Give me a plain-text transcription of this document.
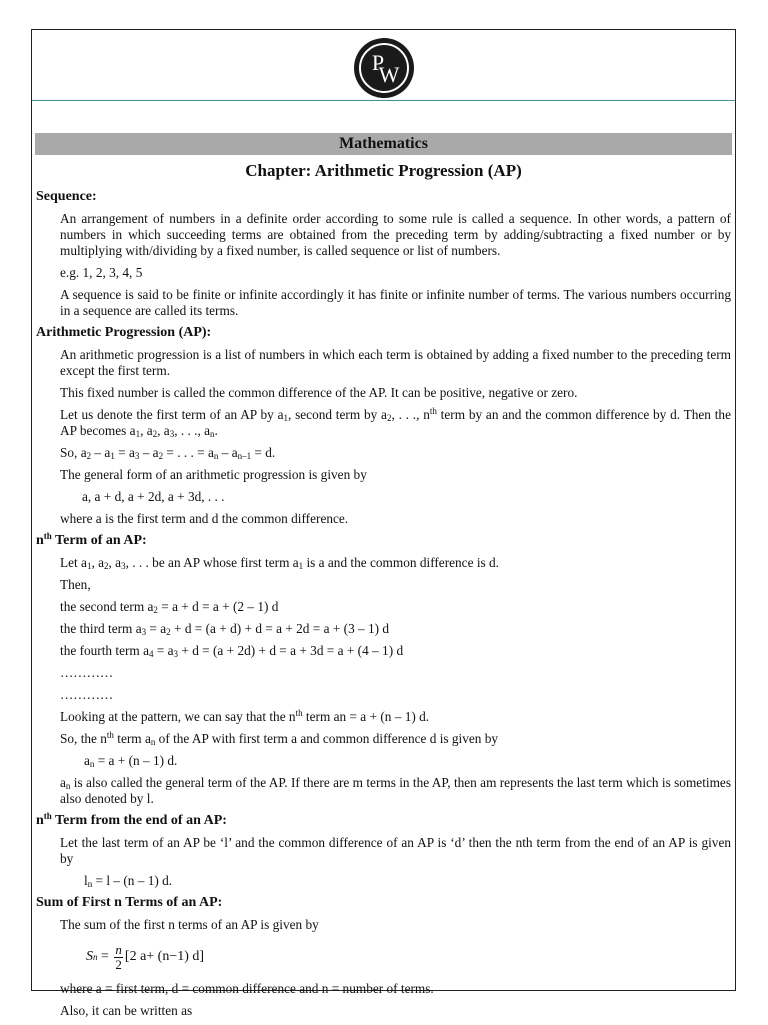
P
W
Mathematics
Chapter: Arithmetic Progression (AP)
Sequence:
An arrangement of numbers in a definite order according to some rule is called a sequence. In other words, a pattern of numbers in which succeeding terms are obtained from the preceding term by adding/subtracting a fixed number or by multiplying with/dividing by a fixed number, is called sequence or list of numbers.
e.g. 1, 2, 3, 4, 5
A sequence is said to be finite or infinite accordingly it has finite or infinite number of terms. The various numbers occurring in a sequence are called its terms.
Arithmetic Progression (AP):
An arithmetic progression is a list of numbers in which each term is obtained by adding a fixed number to the preceding term except the first term.
This fixed number is called the common difference of the AP. It can be positive, negative or zero.
Let us denote the first term of an AP by $a_1$, second term by $a_2$, . . ., $n^{th}$ term by an and the common difference by d. Then the AP becomes $a_1$, $a_2$, $a_3$, . . ., $a_n$.
So, $a_2 - a_1 = a_3 - a_2$ = . . . = $a_n - a_{n-1} = d$.
The general form of an arithmetic progression is given by
a, a + d, a + 2d, a + 3d, . . .
where a is the first term and d the common difference.
$n^{th}$ Term of an AP:
Let $a_1$, $a_2$, $a_3$, . . . be an AP whose first term $a_1$ is a and the common difference is d.
Then,
the second term $a_2 = a + d = a + (2 - 1)$ d
the third term $a_3 = a_2 + d = (a + d) + d = a + 2d = a + (3 - 1)$ d
the fourth term $a_4 = a_3 + d = (a + 2d) + d = a + 3d = a + (4 - 1)$ d
…………
…………
Looking at the pattern, we can say that the $n^{th}$ term an = a + (n – 1) d.
So, the $n^{th}$ term $a_n$ of the AP with first term a and common difference d is given by
$a_n = a + (n - 1)$ d.
$a_n$ is also called the general term of the AP. If there are m terms in the AP, then am represents the last term which is sometimes also denoted by l.
$n^{th}$ Term from the end of an AP:
Let the last term of an AP be ‘l’ and the common difference of an AP is ‘d’ then the nth term from the end of an AP is given by
$l_n = l - (n - 1)$ d.
Sum of First n Terms of an AP:
The sum of the first n terms of an AP is given by
S $n = \frac{n}{2} [2$ a+ (n−1) d]
where a = first term, d = common difference and n = number of terms.
Also, it can be written as
